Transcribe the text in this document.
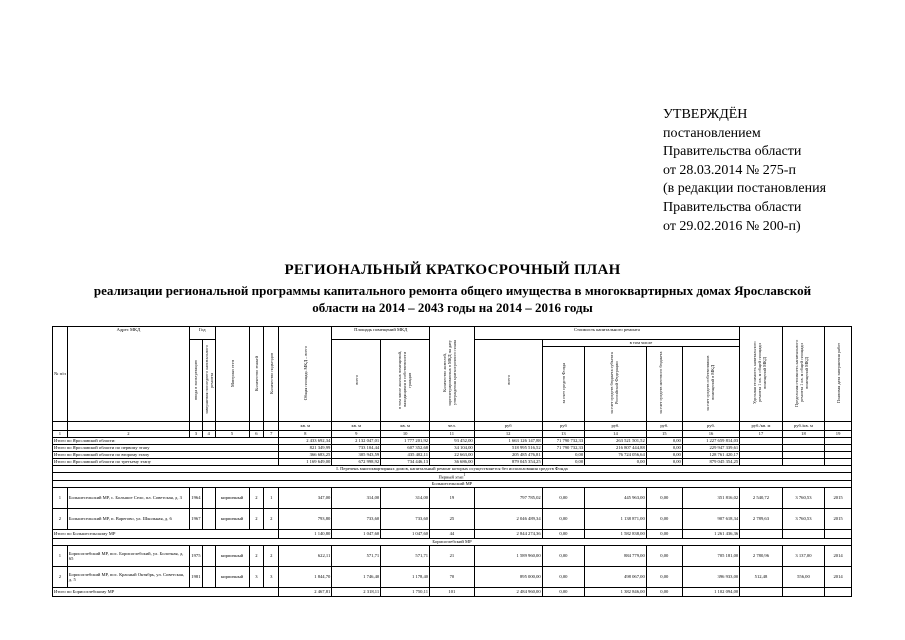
УТВЕРЖДЁН
постановлением
Правительства области
от 28.03.2014 № 275-п
(в редакции постановления
Правительства области
от 29.02.2016 № 200-п)
РЕГИОНАЛЬНЫЙ КРАТКОСРОЧНЫЙ ПЛАН
реализации региональной программы капитального ремонта общего имущества в многоквартирных домах Ярославской
области на 2014 – 2043 годы на 2014 – 2016 годы
№ п/п	Адрес МКД	Год		Материал стен	Количество этажей	Количество подъездов	Общая площадь МКД – всего	Площадь помещений МКД		Количество жителей, зарегистрированных в МКД на дату утверждения краткосрочного плана	Стоимость капитального ремонта					Удельная стоимость капитального ремонта 1 кв. м общей площади помещений МКД	Предельная стоимость капитального ремонта 1 кв. м общей площади помещений МКД	Плановая дата завершения работ
		ввода в эксплуатацию	завершения последнего капитального ремонта					всего	в том числе жилых помещений, находящихся в собственности граждан		всего	в том числе						
												за счет средств Фонда	за счет средств бюджета субъекта Российской Федерации	за счет средств местного бюджета	за счет средств собственников помещений в МКД			
							кв. м	кв. м	кв. м	чел.	руб	руб	руб.	руб.	руб.	руб./кв. м	руб./кв. м	
1	2	3	4	5	6	7	8	9	10	11	12	13	14	15	16	17	18	19
Итого по Ярославской области:							2 433 692,34	2 132 047,01	1 777 201,92	93 452,00	1 663 126 147,88	71 790 732,33	263 521 501,52	0,00	1 227 659 814,03			
Итого по Ярославской области по первому этапу							821 349,99	733 104,44	607 352,68	34 104,00	518 995 516,52	71 790 732,33	216 807 444,88	0,00	229 947 339,61			
Итого по Ярославской области по второму этапу							366 683,25	305 943,59	435 402,11	22 663,00	205 485 476,81	0,00	76 724 056,64	0,00	128 761 420,17			
Итого по Ярославской области по третьему этапу							1 169 649,00	672 998,92	734 446,13	36 686,00	879 045 354,25	0,00	0,00	0,00	879 045 354,25			
I. Перечень многоквартирных домов, капитальный ремонт которых осуществляется без использования средств Фонда																		
Первый этап$^1$
Большесельский МР																		
1	Большесельский МР, с. Большое Село, пл. Советская, д. 3	1964		кирпичный	2	1	347,00	314,00	314,00	19	797 785,02	0,00	445 963,00	0,00	351 816,02	2 540,72	3 760,53	2015
2	Большесельский МР, п. Варегово, ул. Школьная, д. 6	1967		кирпичный	2	2	793,80	733,60	733,60	25	2 046 489,34	0,00	1 138 871,00	0,00	907 618,34	2 789,63	3 760,53	2015
Итого по Большесельскому МР							1 140,80	1 047,60	1 047,60	44	2 844 274,36	0,00	1 582 838,00	0,00	1 261 436,36			
Борисоглебский МР																		
1	Борисоглебский МР, пос. Борисоглебский, ул. Болотная, д. 65	1975		кирпичный	2	2	622,11	571,71	571,71	21	1 589 960,00	0,00	884 779,00	0,00	705 181,00	2 780,96	3 137,00	2014
2	Борисоглебский МР, пос. Красный Октябрь, ул. Советская, д. 5	1981		кирпичный	3	3	1 844,70	1 746,40	1 178,40	70	895 000,00	0,00	498 067,00	0,00	396 933,00	512,48	556,00	2014
Итого по Борисоглебскому МР							2 467,81	2 318,11	1 750,11	101	2 484 960,00	0,00	1 382 846,00	0,00	1 102 094,00			
